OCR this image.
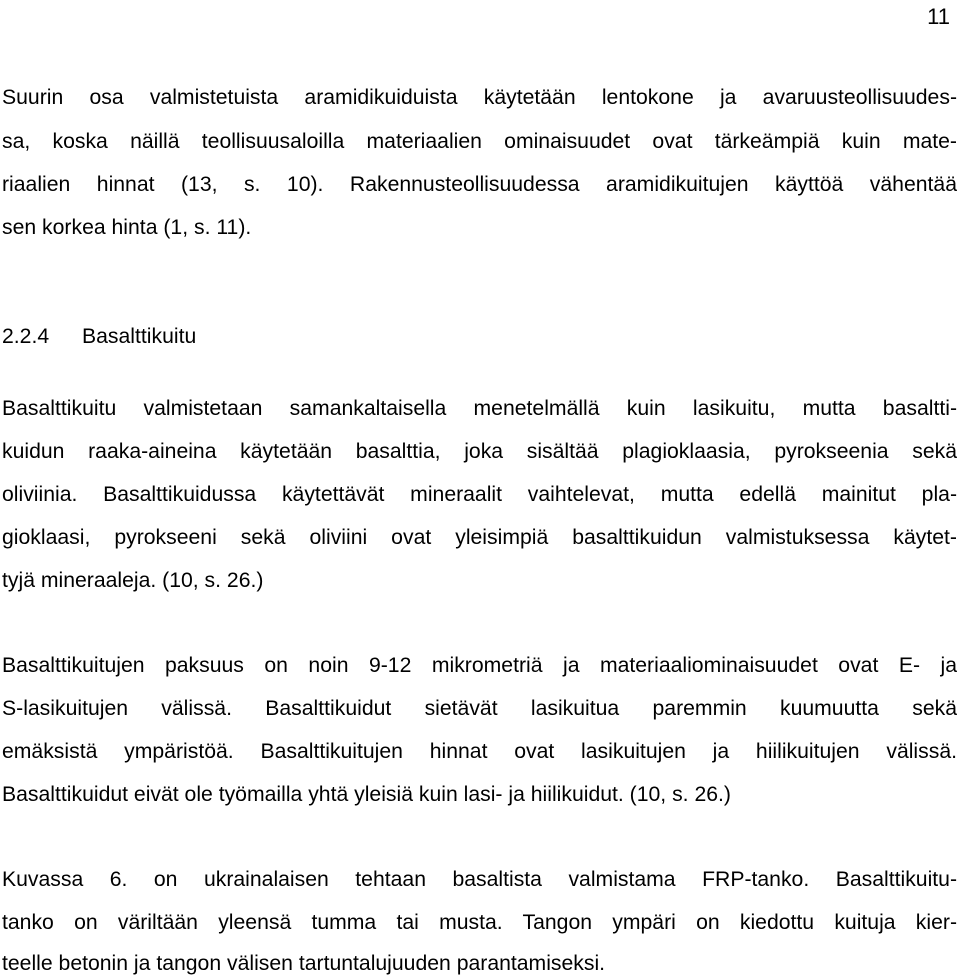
11
Suurin osa valmistetuista aramidikuiduista käytetään lentokone ja avaruusteollisuudes-
sa, koska näillä teollisuusaloilla materiaalien ominaisuudet ovat tärkeämpiä kuin mate-
riaalien hinnat (13, s. 10). Rakennusteollisuudessa aramidikuitujen käyttöä vähentää
sen korkea hinta (1, s. 11).
2.2.4 Basalttikuitu
Basalttikuitu valmistetaan samankaltaisella menetelmällä kuin lasikuitu, mutta basaltti-
kuidun raaka-aineina käytetään basalttia, joka sisältää plagioklaasia, pyrokseenia sekä
oliviinia. Basalttikuidussa käytettävät mineraalit vaihtelevat, mutta edellä mainitut pla-
gioklaasi, pyrokseeni sekä oliviini ovat yleisimpiä basalttikuidun valmistuksessa käytet-
tyjä mineraaleja. (10, s. 26.)
Basalttikuitujen paksuus on noin 9-12 mikrometriä ja materiaaliominaisuudet ovat E- ja
S-lasikuitujen välissä. Basalttikuidut sietävät lasikuitua paremmin kuumuutta sekä
emäksistä ympäristöä. Basalttikuitujen hinnat ovat lasikuitujen ja hiilikuitujen välissä.
Basalttikuidut eivät ole työmailla yhtä yleisiä kuin lasi- ja hiilikuidut. (10, s. 26.)
Kuvassa 6. on ukrainalaisen tehtaan basaltista valmistama FRP-tanko. Basalttikuitu-
tanko on väriltään yleensä tumma tai musta. Tangon ympäri on kiedottu kuituja kier-
teelle betonin ja tangon välisen tartuntalujuuden parantamiseksi.
